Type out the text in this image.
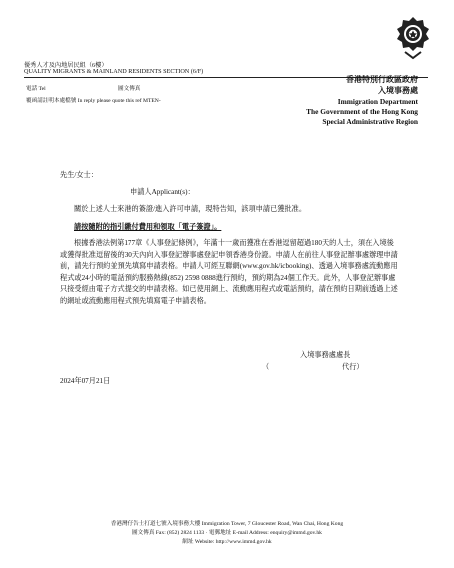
優秀人才及內地居民組（6樓）
QUALITY MIGRANTS & MAINLAND RESIDENTS SECTION (6/F)
電話 Tel	圖文傳真
覆函請註明本處檔號 In reply please quote this ref MTEN-
香港特別行政區政府
入境事務處
Immigration Department
The Government of the Hong Kong
Special Administrative Region
先生/女士：
申請人Applicant(s)：
關於上述人士來港的簽證/進入許可申請，現特告知，該項申請已獲批准。
請按隨附的指引繳付費用和領取「電子簽證」。
根據香港法例第177章《人事登記條例》，年滿十一歲而獲准在香港逗留超過180天的人士，須在入境後或獲得批准逗留後的30天內向入事登記辦事處登記申領香港身份證。申請人在前往人事登記辦事處辦理申請前，請先行預約並預先填寫申請表格。申請人可經互聯網(www.gov.hk/icbooking)、透過入境事務處流動應用程式或24小時的電話預約服務熱線(852) 2598 0888進行預約，預約期為24個工作天。此外，人事登記辦事處只接受經由電子方式提交的申請表格。如已使用網上、流動應用程式或電話預約，請在預約日期前透過上述的網址或流動應用程式預先填寫電子申請表格。
入境事務處處長
（	代行）
2024年07月21日
香港灣仔告士打道七號入境事務大樓 Immigration Tower, 7 Gloucester Road, Wan Chai, Hong Kong
圖文傳真 Fax: (852) 2824 1133 · 電郵地址 E-mail Address: enquiry@immd.gov.hk
網址 Website: http://www.immd.gov.hk
